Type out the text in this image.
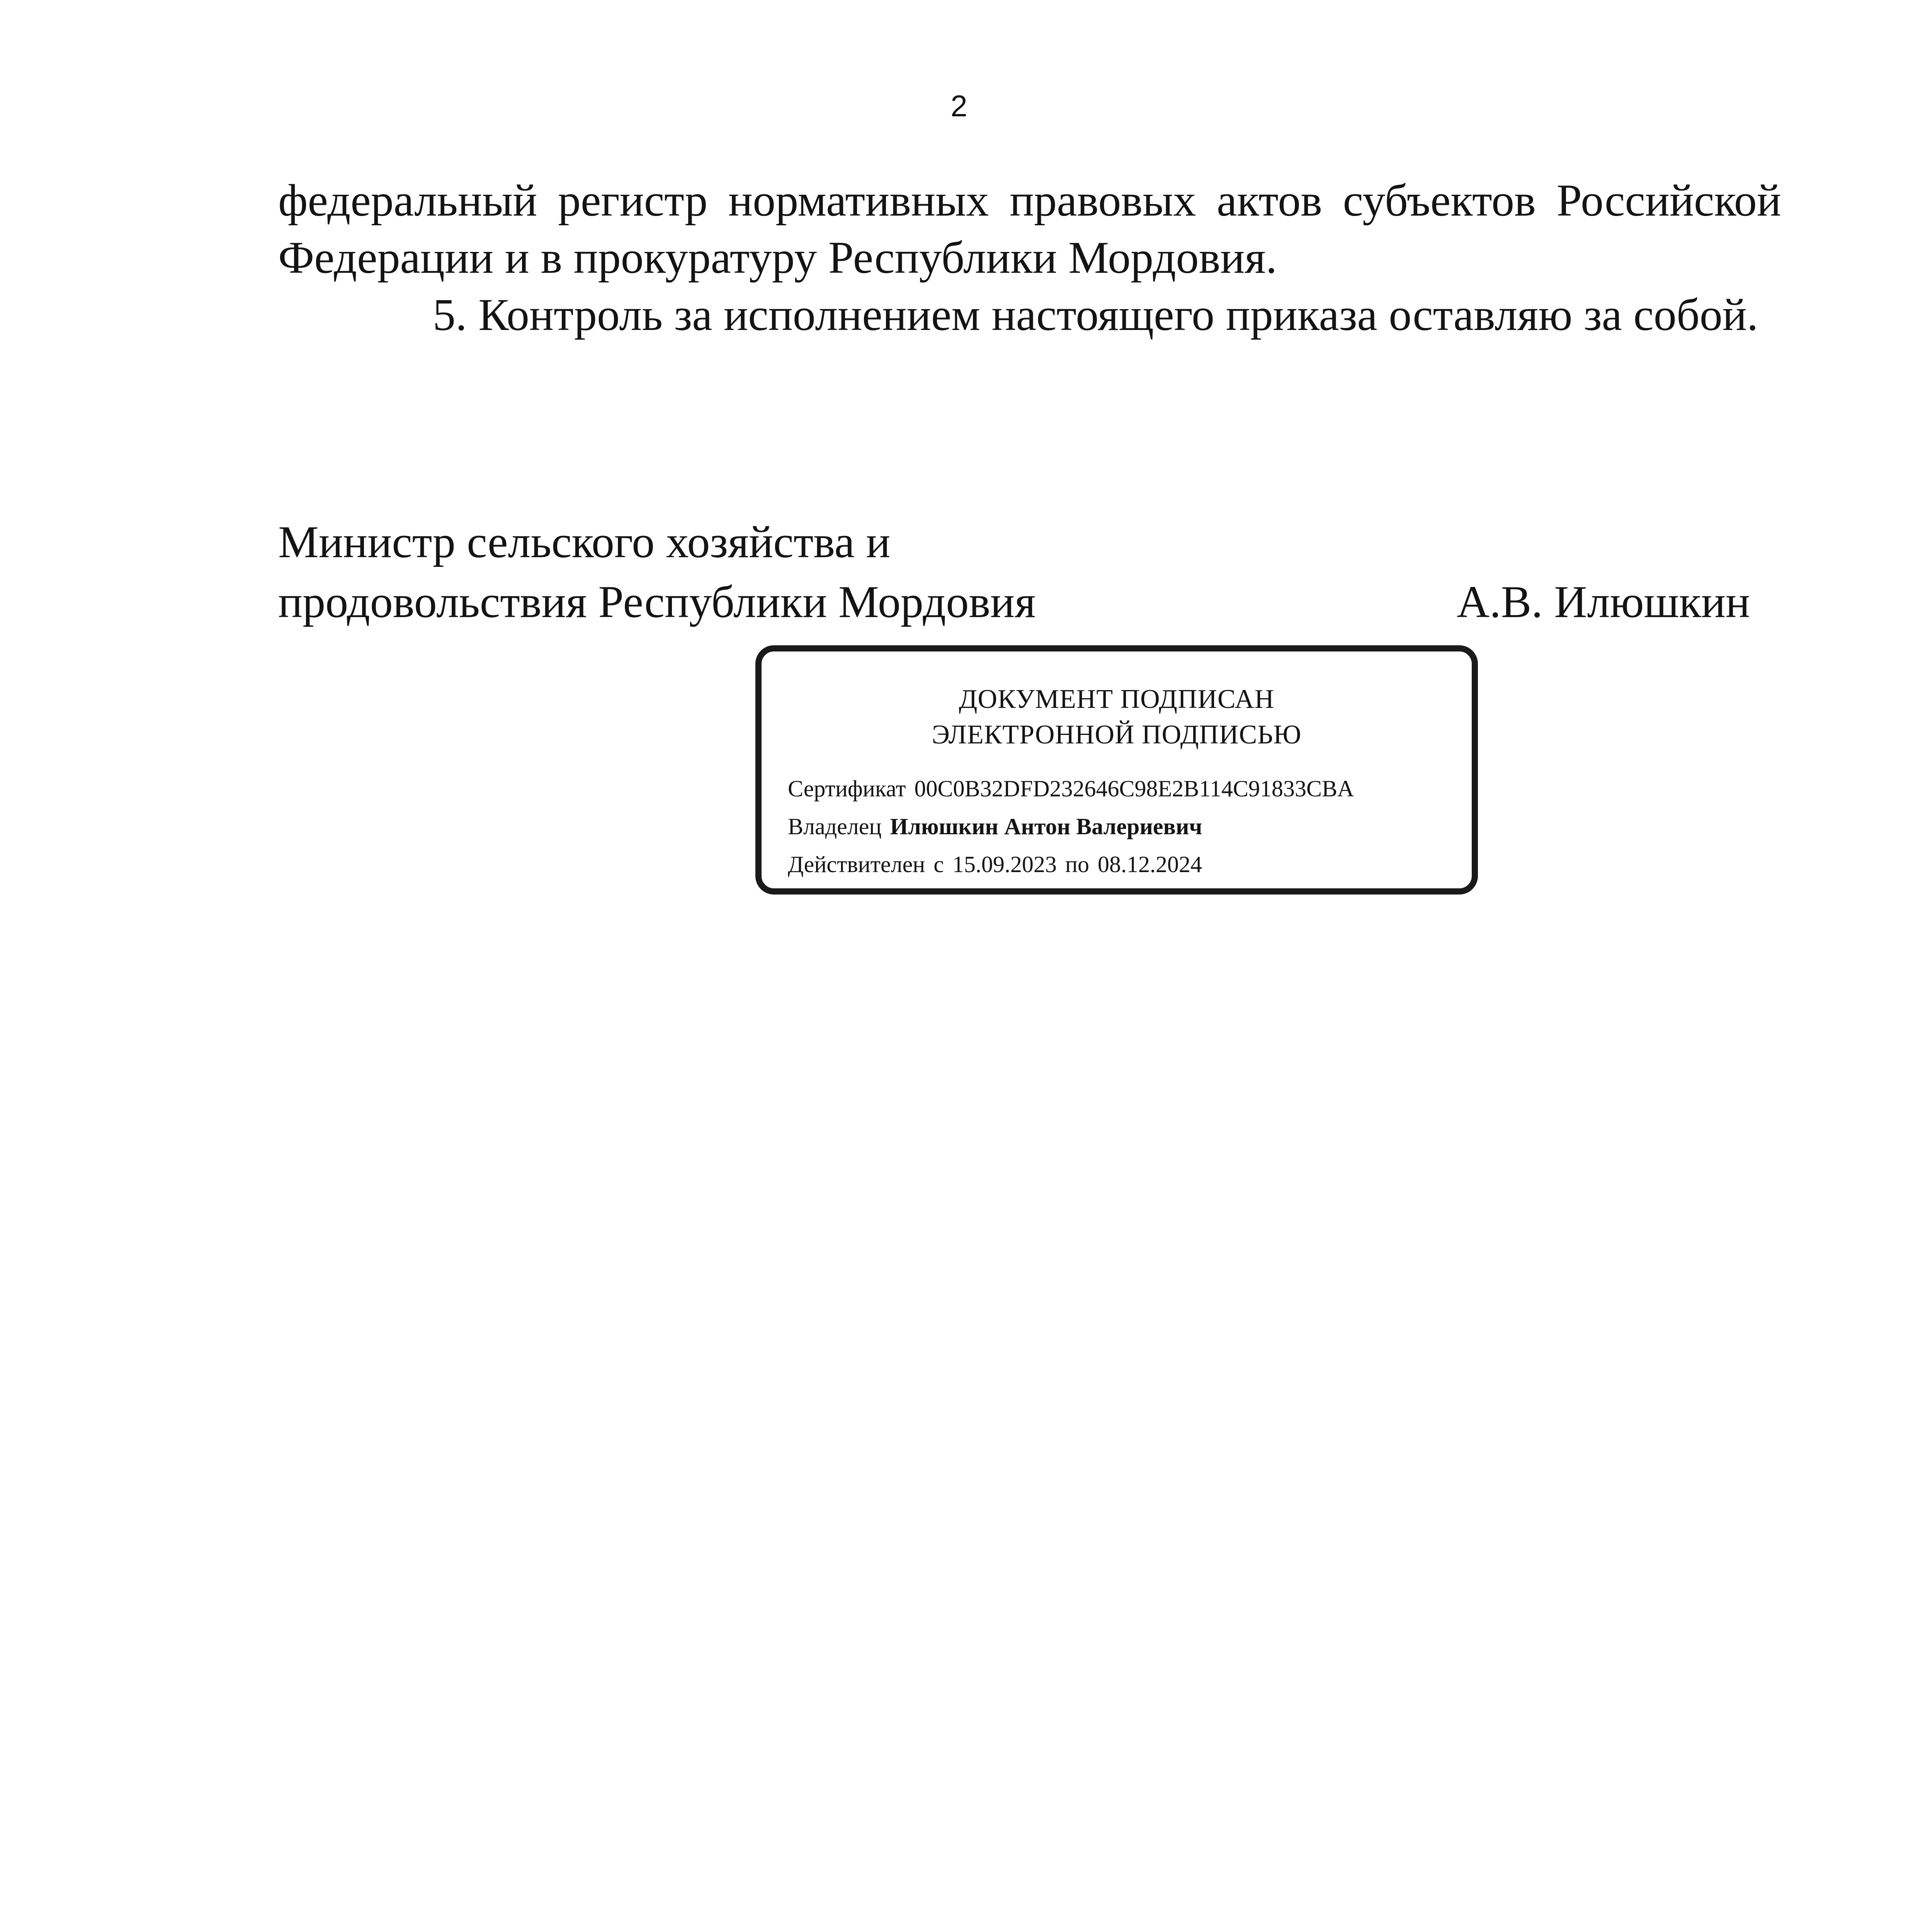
2

федеральный регистр нормативных правовых актов субъектов Российской Федерации и в прокуратуру Республики Мордовия.

5. Контроль за исполнением настоящего приказа оставляю за собой.

Министр сельского хозяйства и
продовольствия Республики Мордовия	А.В. Илюшкин
ДОКУМЕНТ ПОДПИСАН
ЭЛЕКТРОННОЙ ПОДПИСЬЮ
Сертификат 00C0B32DFD232646C98E2B114C91833CBA
Владелец Илюшкин Антон Валериевич
Действителен с 15.09.2023 по 08.12.2024
